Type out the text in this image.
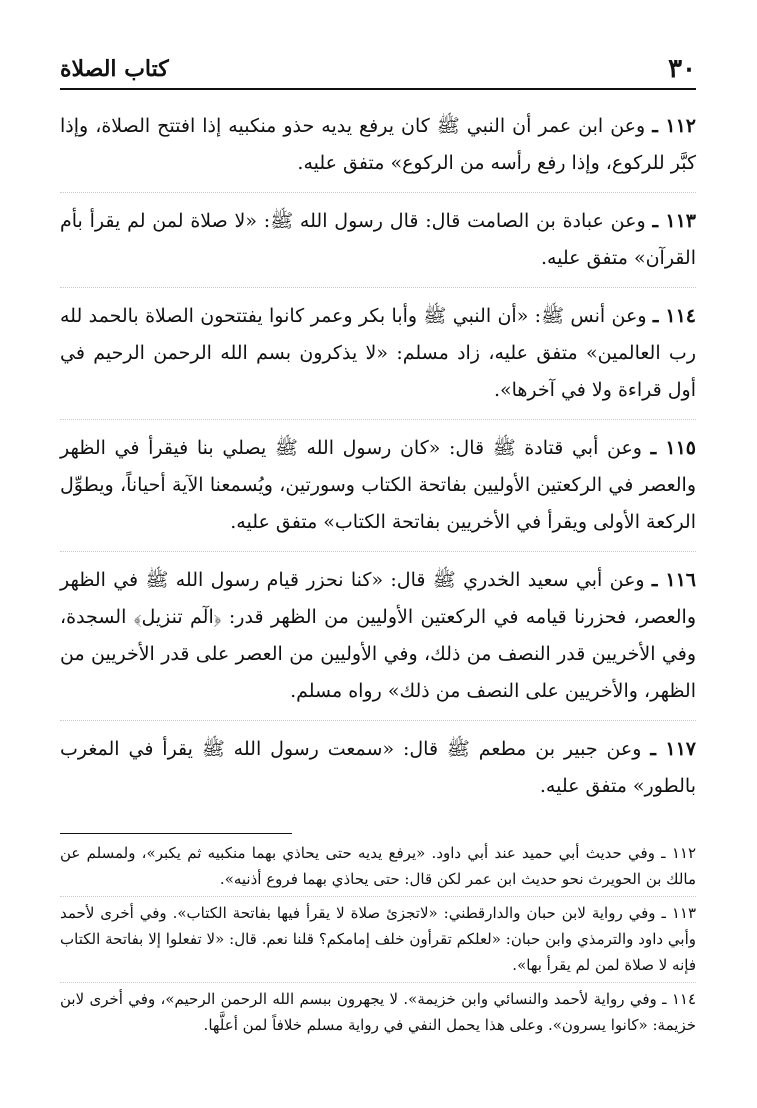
٣٠
كتاب الصلاة

١١٢ ـ وعن ابن عمر أن النبي ﷺ كان يرفع يديه حذو منكبيه إذا افتتح الصلاة، وإذا كبَّر للركوع، وإذا رفع رأسه من الركوع» متفق عليه.

١١٣ ـ وعن عبادة بن الصامت قال: قال رسول الله ﷺ: «لا صلاة لمن لم يقرأ بأم القرآن» متفق عليه.

١١٤ ـ وعن أنس ﷺ: «أن النبي ﷺ وأبا بكر وعمر كانوا يفتتحون الصلاة بالحمد لله رب العالمين» متفق عليه، زاد مسلم: «لا يذكرون بسم الله الرحمن الرحيم في أول قراءة ولا في آخرها».

١١٥ ـ وعن أبي قتادة ﷺ قال: «كان رسول الله ﷺ يصلي بنا فيقرأ في الظهر والعصر في الركعتين الأوليين بفاتحة الكتاب وسورتين، ويُسمعنا الآية أحياناً، ويطوِّل الركعة الأولى ويقرأ في الأخريين بفاتحة الكتاب» متفق عليه.

١١٦ ـ وعن أبي سعيد الخدري ﷺ قال: «كنا نحزر قيام رسول الله ﷺ في الظهر والعصر، فحزرنا قيامه في الركعتين الأوليين من الظهر قدر: ﴿الٓم تنزيل﴾ السجدة، وفي الأخريين قدر النصف من ذلك، وفي الأوليين من العصر على قدر الأخريين من الظهر، والأخريين على النصف من ذلك» رواه مسلم.

١١٧ ـ وعن جبير بن مطعم ﷺ قال: «سمعت رسول الله ﷺ يقرأ في المغرب بالطور» متفق عليه.

١١٢ ـ وفي حديث أبي حميد عند أبي داود. «يرفع يديه حتى يحاذي بهما منكبيه ثم يكبر»، ولمسلم عن مالك بن الحويرث نحو حديث ابن عمر لكن قال: حتى يحاذي بهما فروع أذنيه».

١١٣ ـ وفي رواية لابن حبان والدارقطني: «لاتجزئ صلاة لا يقرأ فيها بفاتحة الكتاب». وفي أخرى لأحمد وأبي داود والترمذي وابن حبان: «لعلكم تقرأون خلف إمامكم؟ قلنا نعم. قال: «لا تفعلوا إلا بفاتحة الكتاب فإنه لا صلاة لمن لم يقرأ بها».

١١٤ ـ وفي رواية لأحمد والنسائي وابن خزيمة». لا يجهرون ببسم الله الرحمن الرحيم»، وفي أخرى لابن خزيمة: «كانوا يسرون». وعلى هذا يحمل النفي في رواية مسلم خلافاً لمن أعلَّها.
